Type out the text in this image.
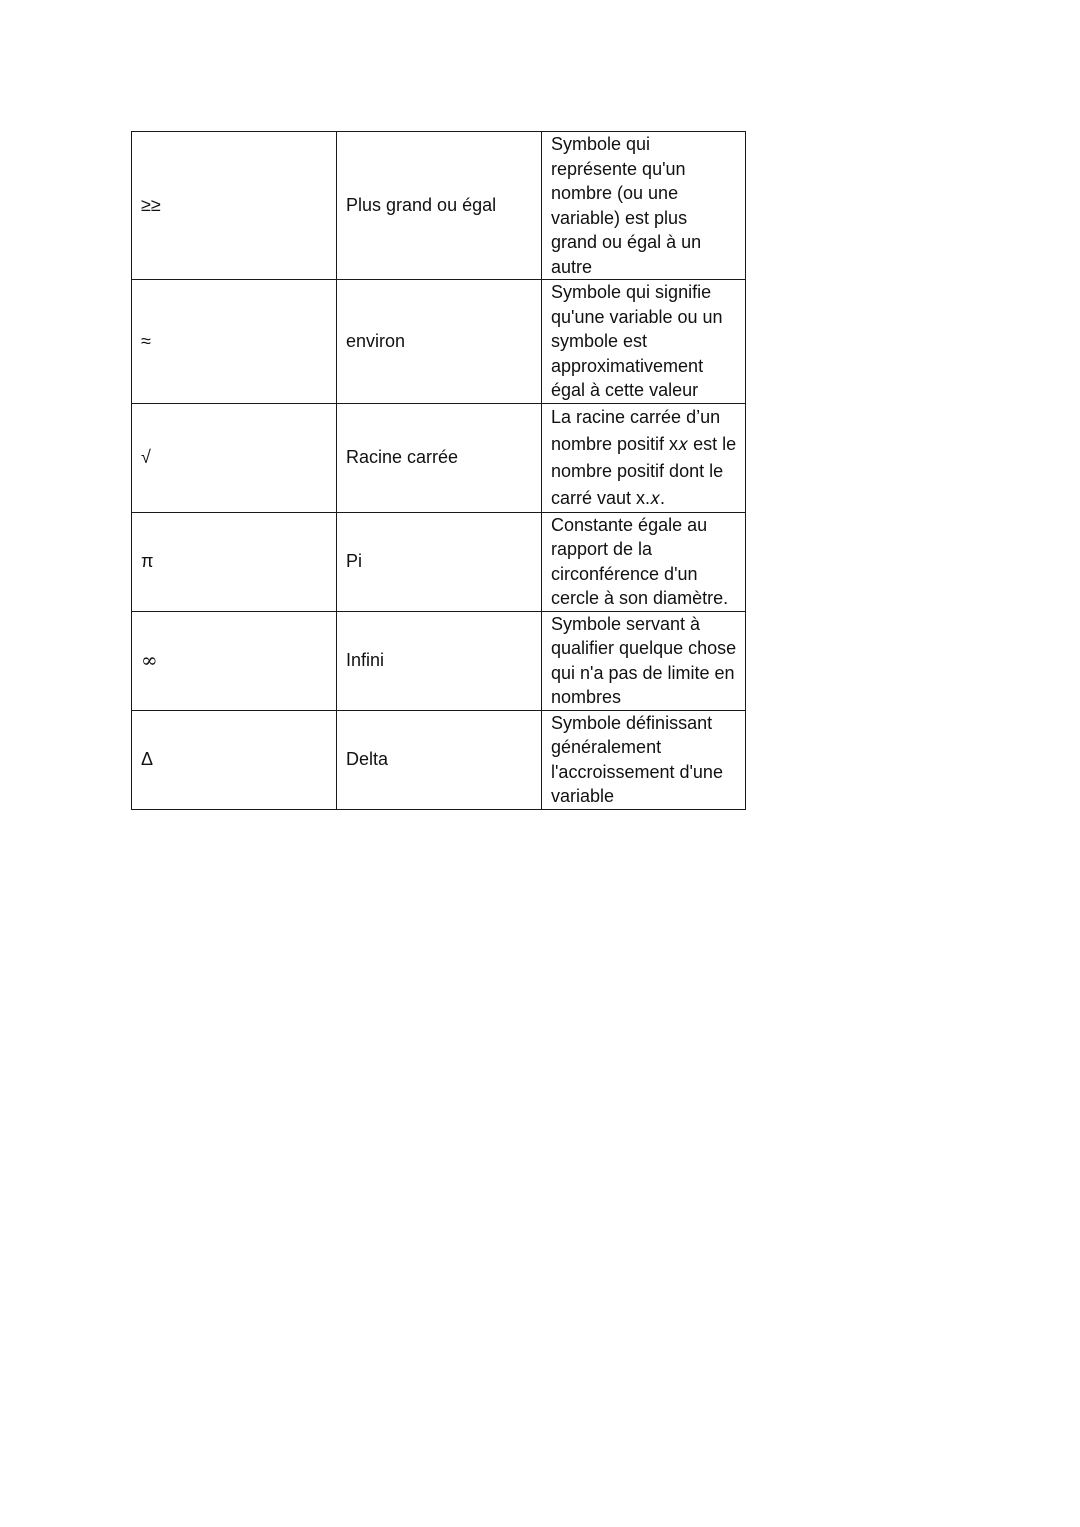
≥≥	Plus grand ou égal	Symbole qui représente qu'un nombre (ou une variable) est plus grand ou égal à un autre
≈	environ	Symbole qui signifie qu'une variable ou un symbole est approximativement égal à cette valeur
√	Racine carrée	La racine carrée d’un nombre positif x𝑥 est le nombre positif dont le carré vaut x.𝑥.
π	Pi	Constante égale au rapport de la circonférence d'un cercle à son diamètre.
∞	Infini	Symbole servant à qualifier quelque chose qui n'a pas de limite en nombres
Δ	Delta	Symbole définissant généralement l'accroissement d'une variable
